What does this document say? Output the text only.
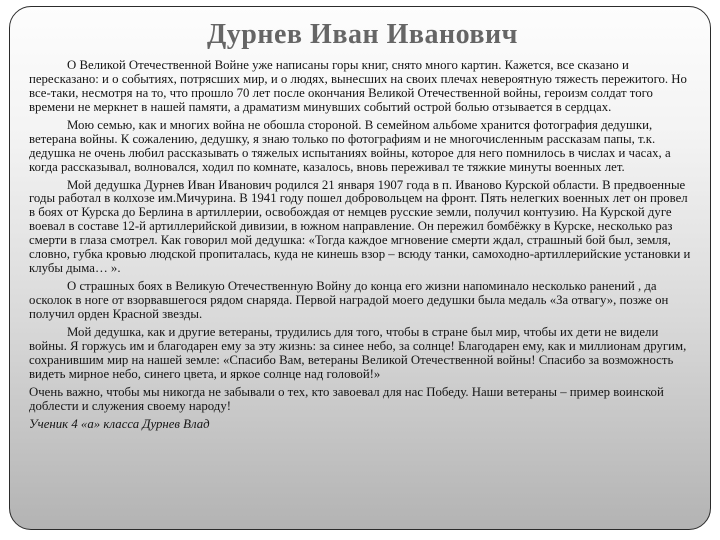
Дурнев Иван Иванович

О Великой Отечественной Войне уже написаны горы книг, снято много картин. Кажется, все сказано и пересказано: и о событиях, потрясших мир, и о людях, вынесших на своих плечах невероятную тяжесть пережитого. Но все-таки, несмотря на то, что прошло 70 лет после окончания Великой Отечественной войны, героизм солдат того времени не меркнет в нашей памяти, а драматизм минувших событий острой болью отзывается в сердцах.

Мою семью, как и многих война не обошла стороной. В семейном альбоме хранится фотография дедушки, ветерана войны. К сожалению, дедушку, я знаю только по фотографиям и не многочисленным рассказам папы, т.к. дедушка не очень любил рассказывать о тяжелых испытаниях войны, которое для него помнилось в числах и часах, а когда рассказывал, волновался, ходил по комнате, казалось, вновь переживал те тяжкие минуты военных лет.

Мой дедушка Дурнев Иван Иванович родился 21 января 1907 года в п. Иваново Курской области. В предвоенные годы работал в колхозе им.Мичурина. В 1941 году пошел добровольцем на фронт. Пять нелегких военных лет он провел в боях от Курска до Берлина в артиллерии, освобождая от немцев русские земли, получил контузию. На Курской дуге воевал в составе 12-й артиллерийской дивизии, в южном направление. Он пережил бомбёжку в Курске, несколько раз смерти в глаза смотрел. Как говорил мой дедушка: «Тогда каждое мгновение смерти ждал, страшный бой был, земля, словно, губка кровью людской пропиталась, куда не кинешь взор – всюду танки, самоходно-артиллерийские установки и клубы дыма… ».

О страшных боях в Великую Отечественную Войну до конца его жизни напоминало несколько ранений , да осколок в ноге от взорвавшегося рядом снаряда. Первой наградой моего дедушки была медаль «За отвагу», позже он получил орден Красной звезды.

Мой дедушка, как и другие ветераны, трудились для того, чтобы в стране был мир, чтобы их дети не видели войны. Я горжусь им и благодарен ему за эту жизнь: за синее небо, за солнце! Благодарен ему, как и миллионам другим, сохранившим мир на нашей земле: «Спасибо Вам, ветераны Великой Отечественной войны! Спасибо за возможность видеть мирное небо, синего цвета, и яркое солнце над головой!»

Очень важно, чтобы мы никогда не забывали о тех, кто завоевал для нас Победу. Наши ветераны – пример воинской доблести и служения своему народу!

Ученик 4 «а» класса Дурнев Влад
